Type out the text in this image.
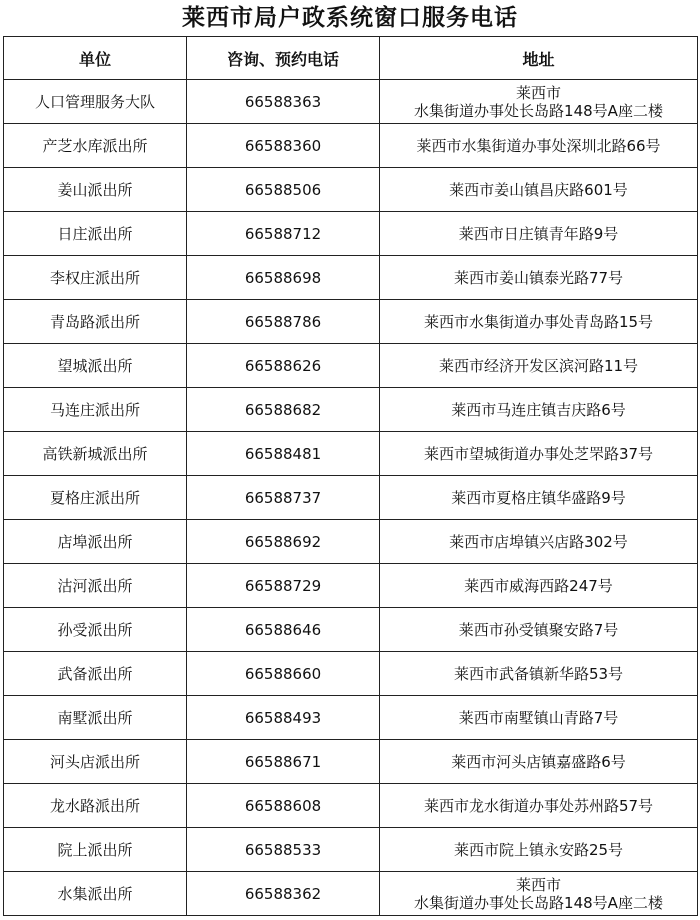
莱西市局户政系统窗口服务电话
单位	咨询、预约电话	地址
人口管理服务大队	66588363	莱西市
水集街道办事处长岛路148号A座二楼

产芝水库派出所	66588360	莱西市水集街道办事处深圳北路66号

姜山派出所	66588506	莱西市姜山镇昌庆路601号

日庄派出所	66588712	莱西市日庄镇青年路9号

李权庄派出所	66588698	莱西市姜山镇泰光路77号

青岛路派出所	66588786	莱西市水集街道办事处青岛路15号

望城派出所	66588626	莱西市经济开发区滨河路11号

马连庄派出所	66588682	莱西市马连庄镇吉庆路6号

高铁新城派出所	66588481	莱西市望城街道办事处芝罘路37号

夏格庄派出所	66588737	莱西市夏格庄镇华盛路9号

店埠派出所	66588692	莱西市店埠镇兴店路302号

沽河派出所	66588729	莱西市威海西路247号

孙受派出所	66588646	莱西市孙受镇聚安路7号

武备派出所	66588660	莱西市武备镇新华路53号

南墅派出所	66588493	莱西市南墅镇山青路7号

河头店派出所	66588671	莱西市河头店镇嘉盛路6号

龙水路派出所	66588608	莱西市龙水街道办事处苏州路57号

院上派出所	66588533	莱西市院上镇永安路25号

水集派出所	66588362	莱西市
水集街道办事处长岛路148号A座二楼
